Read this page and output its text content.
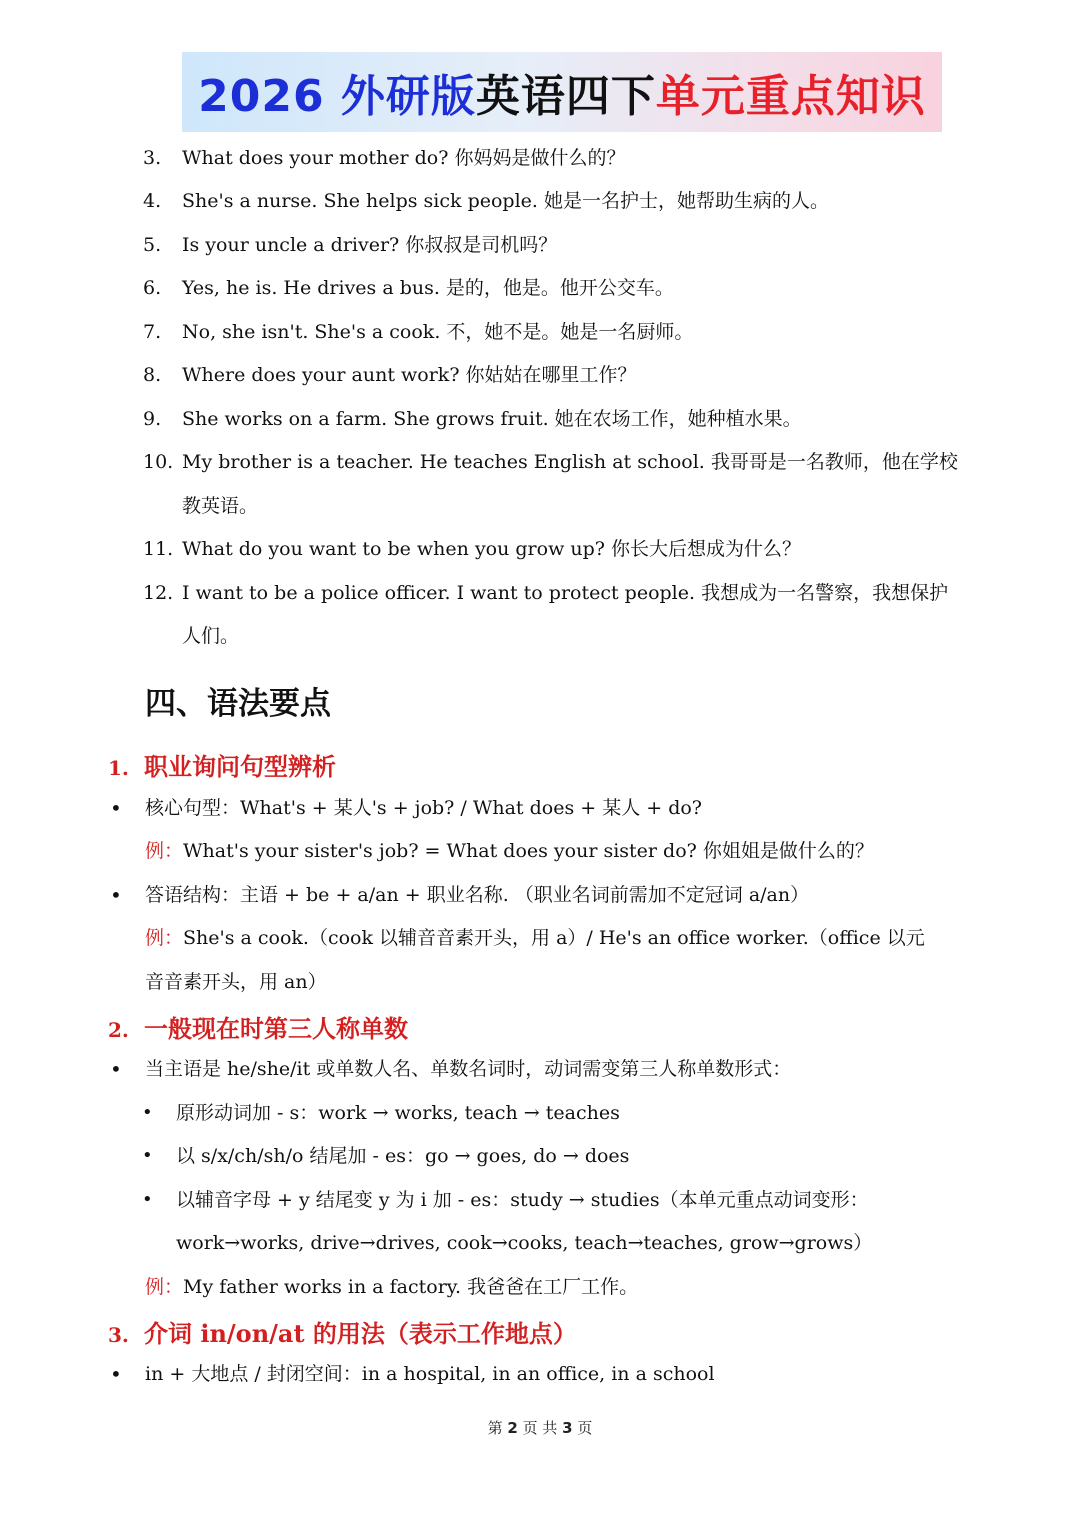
2026 外研版 英语四下 单元重点知识
3. What does your mother do? 你妈妈是做什么的？
4. She's a nurse. She helps sick people. 她是一名护士，她帮助生病的人。
5. Is your uncle a driver? 你叔叔是司机吗？
6. Yes, he is. He drives a bus. 是的，他是。他开公交车。
7. No, she isn't. She's a cook. 不，她不是。她是一名厨师。
8. Where does your aunt work? 你姑姑在哪里工作？
9. She works on a farm. She grows fruit. 她在农场工作，她种植水果。
10. My brother is a teacher. He teaches English at school. 我哥哥是一名教师，他在学校
教英语。
11. What do you want to be when you grow up? 你长大后想成为什么？
12. I want to be a police officer. I want to protect people. 我想成为一名警察，我想保护
人们。
四、语法要点
1. 职业询问句型辨析
• 核心句型：What's + 某人's + job? / What does + 某人 + do?
例：What's your sister's job? = What does your sister do? 你姐姐是做什么的？
• 答语结构：主语 + be + a/an + 职业名称. （职业名词前需加不定冠词 a/an）
例：She's a cook.（cook 以辅音音素开头，用 a）/ He's an office worker.（office 以元
音音素开头，用 an）
2. 一般现在时第三人称单数
• 当主语是 he/she/it 或单数人名、单数名词时，动词需变第三人称单数形式：
• 原形动词加 - s：work → works, teach → teaches
• 以 s/x/ch/sh/o 结尾加 - es：go → goes, do → does
• 以辅音字母 + y 结尾变 y 为 i 加 - es：study → studies（本单元重点动词变形：
work→works, drive→drives, cook→cooks, teach→teaches, grow→grows）
例：My father works in a factory. 我爸爸在工厂工作。
3. 介词 in/on/at 的用法（表示工作地点）
• in + 大地点 / 封闭空间：in a hospital, in an office, in a school
第 2 页 共 3 页
